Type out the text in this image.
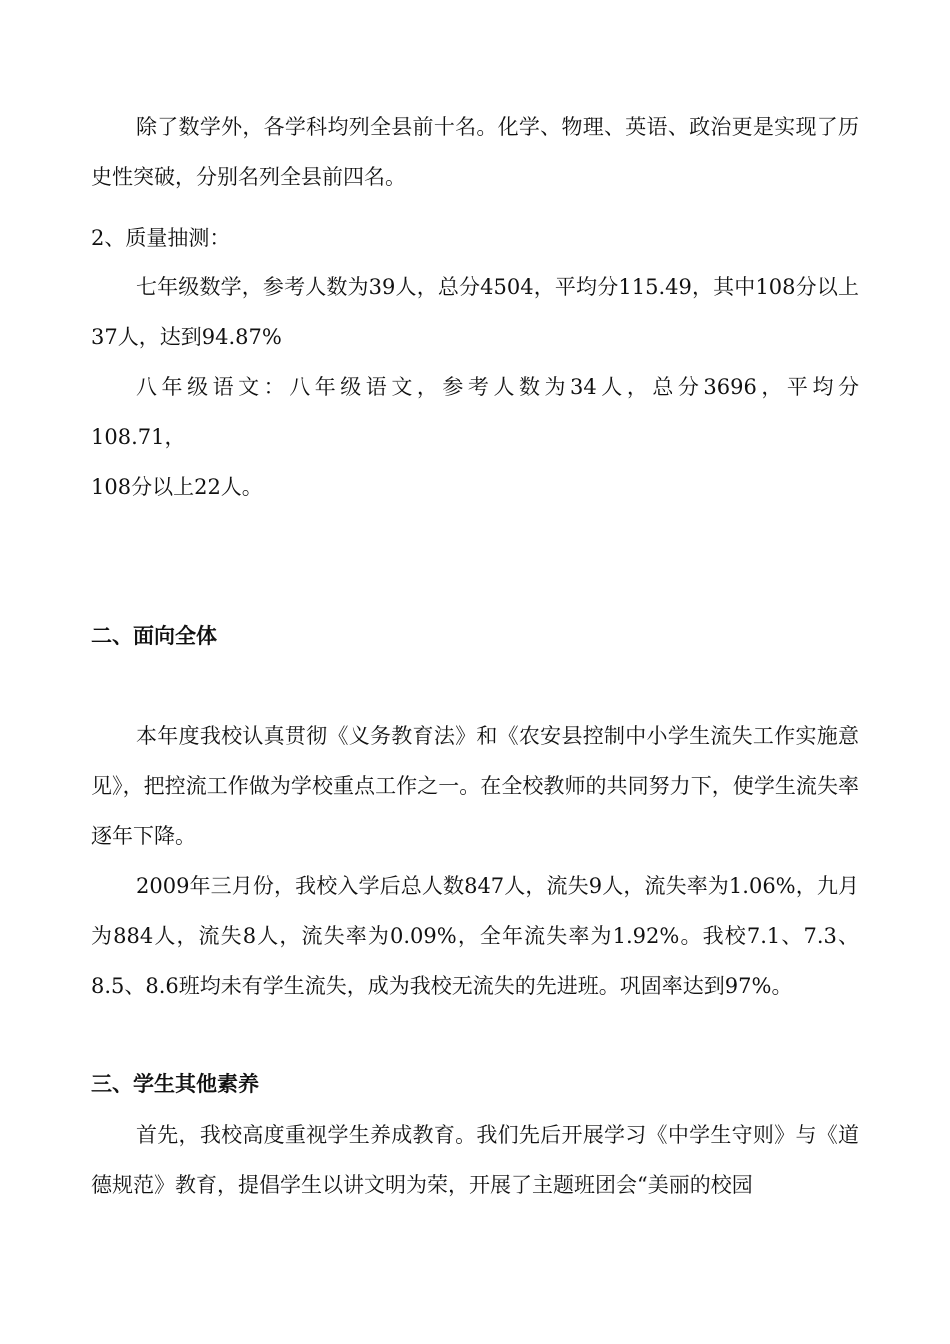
除了数学外，各学科均列全县前十名。化学、物理、英语、政治更是实现了历史性突破，分别名列全县前四名。

2、质量抽测：

七年级数学，参考人数为39人，总分4504，平均分115.49，其中108分以上37人，达到94.87%

八年级语文：八年级语文，参考人数为34人，总分3696，平均分
108.71，
108分以上22人。
二、面向全体

本年度我校认真贯彻《义务教育法》和《农安县控制中小学生流失工作实施意见》，把控流工作做为学校重点工作之一。在全校教师的共同努力下，使学生流失率逐年下降。

2009年三月份，我校入学后总人数847人，流失9人，流失率为1.06%，九月为884人，流失8人，流失率为0.09%，全年流失率为1.92%。我校7.1、7.3、8.5、8.6班均未有学生流失，成为我校无流失的先进班。巩固率达到97%。

三、学生其他素养

首先，我校高度重视学生养成教育。我们先后开展学习《中学生守则》与《道德规范》教育，提倡学生以讲文明为荣，开展了主题班团会“美丽的校园
